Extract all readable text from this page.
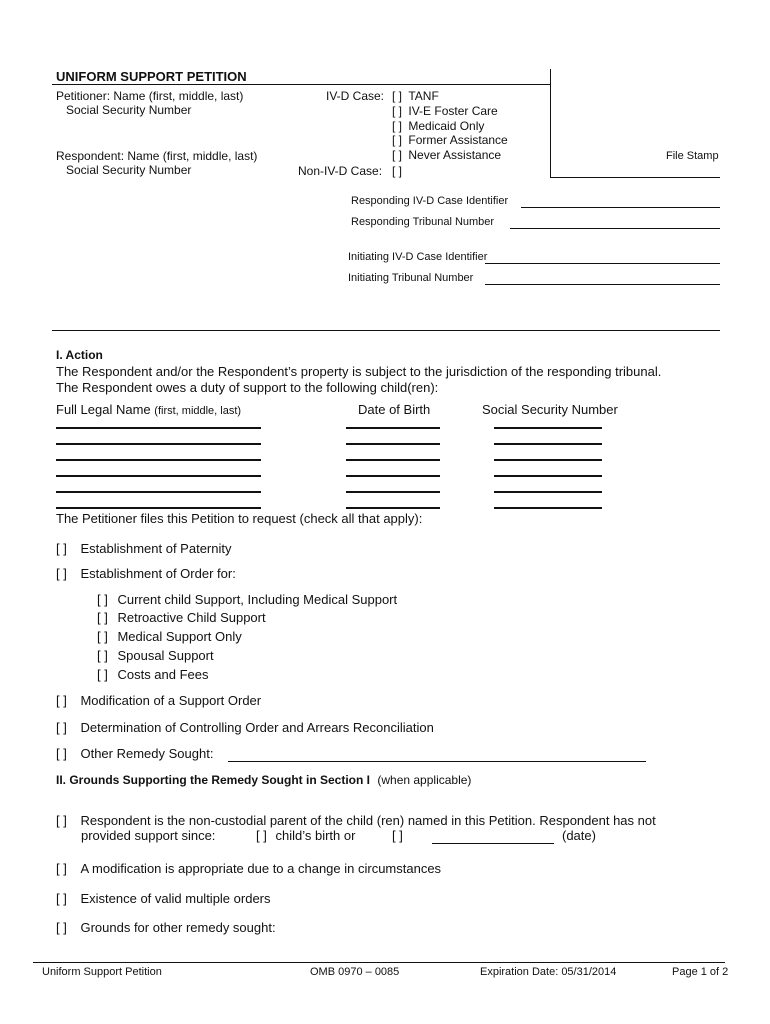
UNIFORM SUPPORT PETITION
Petitioner: Name (first, middle, last)
Social Security Number
Respondent: Name (first, middle, last)
Social Security Number
IV-D Case: [ ] TANF
[ ] IV-E Foster Care
[ ] Medicaid Only
[ ] Former Assistance
[ ] Never Assistance
Non-IV-D Case: [ ]
File Stamp
Responding IV-D Case Identifier
Responding Tribunal Number
Initiating IV-D Case Identifier
Initiating Tribunal Number
I. Action
The Respondent and/or the Respondent’s property is subject to the jurisdiction of the responding tribunal.
The Respondent owes a duty of support to the following child(ren):
Full Legal Name (first, middle, last)	Date of Birth	Social Security Number
The Petitioner files this Petition to request (check all that apply):
[ ] Establishment of Paternity
[ ] Establishment of Order for:
[ ] Current child Support, Including Medical Support
[ ] Retroactive Child Support
[ ] Medical Support Only
[ ] Spousal Support
[ ] Costs and Fees
[ ] Modification of a Support Order
[ ] Determination of Controlling Order and Arrears Reconciliation
[ ] Other Remedy Sought:
II. Grounds Supporting the Remedy Sought in Section I (when applicable)
[ ] Respondent is the non-custodial parent of the child (ren) named in this Petition. Respondent has not
provided support since:	[ ] child’s birth or	[ ]	(date)
[ ] A modification is appropriate due to a change in circumstances
[ ] Existence of valid multiple orders
[ ] Grounds for other remedy sought:
Uniform Support Petition	OMB 0970 – 0085	Expiration Date: 05/31/2014	Page 1 of 2
